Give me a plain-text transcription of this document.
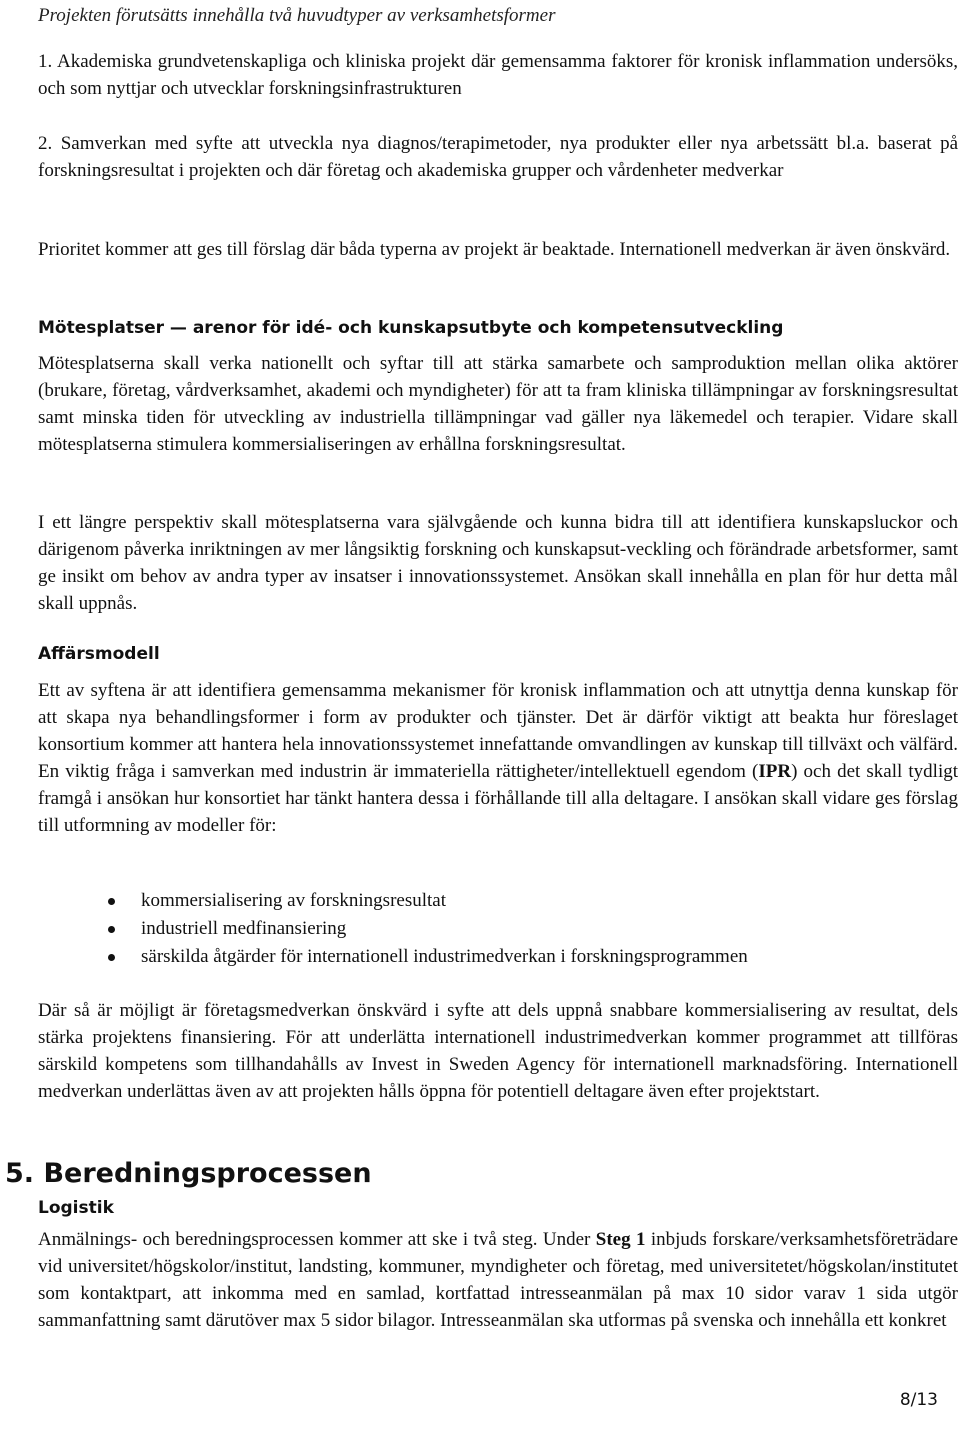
Projekten förutsätts innehålla två huvudtyper av verksamhetsformer

1. Akademiska grundvetenskapliga och kliniska projekt där gemensamma faktorer för kronisk inflammation undersöks, och som nyttjar och utvecklar forskningsinfrastrukturen

2. Samverkan med syfte att utveckla nya diagnos/terapimetoder, nya produkter eller nya arbetssätt bl.a. baserat på forskningsresultat i projekten och där företag och akademiska grupper och vårdenheter medverkar

Prioritet kommer att ges till förslag där båda typerna av projekt är beaktade. Internationell medverkan är även önskvärd.

Mötesplatser — arenor för idé- och kunskapsutbyte och kompetensutveckling

Mötesplatserna skall verka nationellt och syftar till att stärka samarbete och samproduktion mellan olika aktörer (brukare, företag, vårdverksamhet, akademi och myndigheter) för att ta fram kliniska tillämpningar av forskningsresultat samt minska tiden för utveckling av industriella tillämpningar vad gäller nya läkemedel och terapier. Vidare skall mötesplatserna stimulera kommersialiseringen av erhållna forskningsresultat.

I ett längre perspektiv skall mötesplatserna vara självgående och kunna bidra till att identifiera kunskapsluckor och därigenom påverka inriktningen av mer långsiktig forskning och kunskapsut-veckling och förändrade arbetsformer, samt ge insikt om behov av andra typer av insatser i innovationssystemet. Ansökan skall innehålla en plan för hur detta mål skall uppnås.

Affärsmodell

Ett av syftena är att identifiera gemensamma mekanismer för kronisk inflammation och att utnyttja denna kunskap för att skapa nya behandlingsformer i form av produkter och tjänster. Det är därför viktigt att beakta hur föreslaget konsortium kommer att hantera hela innovationssystemet innefattande omvandlingen av kunskap till tillväxt och välfärd. En viktig fråga i samverkan med industrin är immateriella rättigheter/intellektuell egendom (IPR) och det skall tydligt framgå i ansökan hur konsortiet har tänkt hantera dessa i förhållande till alla deltagare. I ansökan skall vidare ges förslag till utformning av modeller för:

kommersialisering av forskningsresultat
industriell medfinansiering
särskilda åtgärder för internationell industrimedverkan i forskningsprogrammen

Där så är möjligt är företagsmedverkan önskvärd i syfte att dels uppnå snabbare kommersialisering av resultat, dels stärka projektens finansiering. För att underlätta internationell industrimedverkan kommer programmet att tillföras särskild kompetens som tillhandahålls av Invest in Sweden Agency för internationell marknadsföring. Internationell medverkan underlättas även av att projekten hålls öppna för potentiell deltagare även efter projektstart.

5. Beredningsprocessen
Logistik

Anmälnings- och beredningsprocessen kommer att ske i två steg. Under Steg 1 inbjuds forskare/verksamhetsföreträdare vid universitet/högskolor/institut, landsting, kommuner, myndigheter och företag, med universitetet/högskolan/institutet som kontaktpart, att inkomma med en samlad, kortfattad intresseanmälan på max 10 sidor varav 1 sida utgör sammanfattning samt därutöver max 5 sidor bilagor. Intresseanmälan ska utformas på svenska och innehålla ett konkret

8/13
